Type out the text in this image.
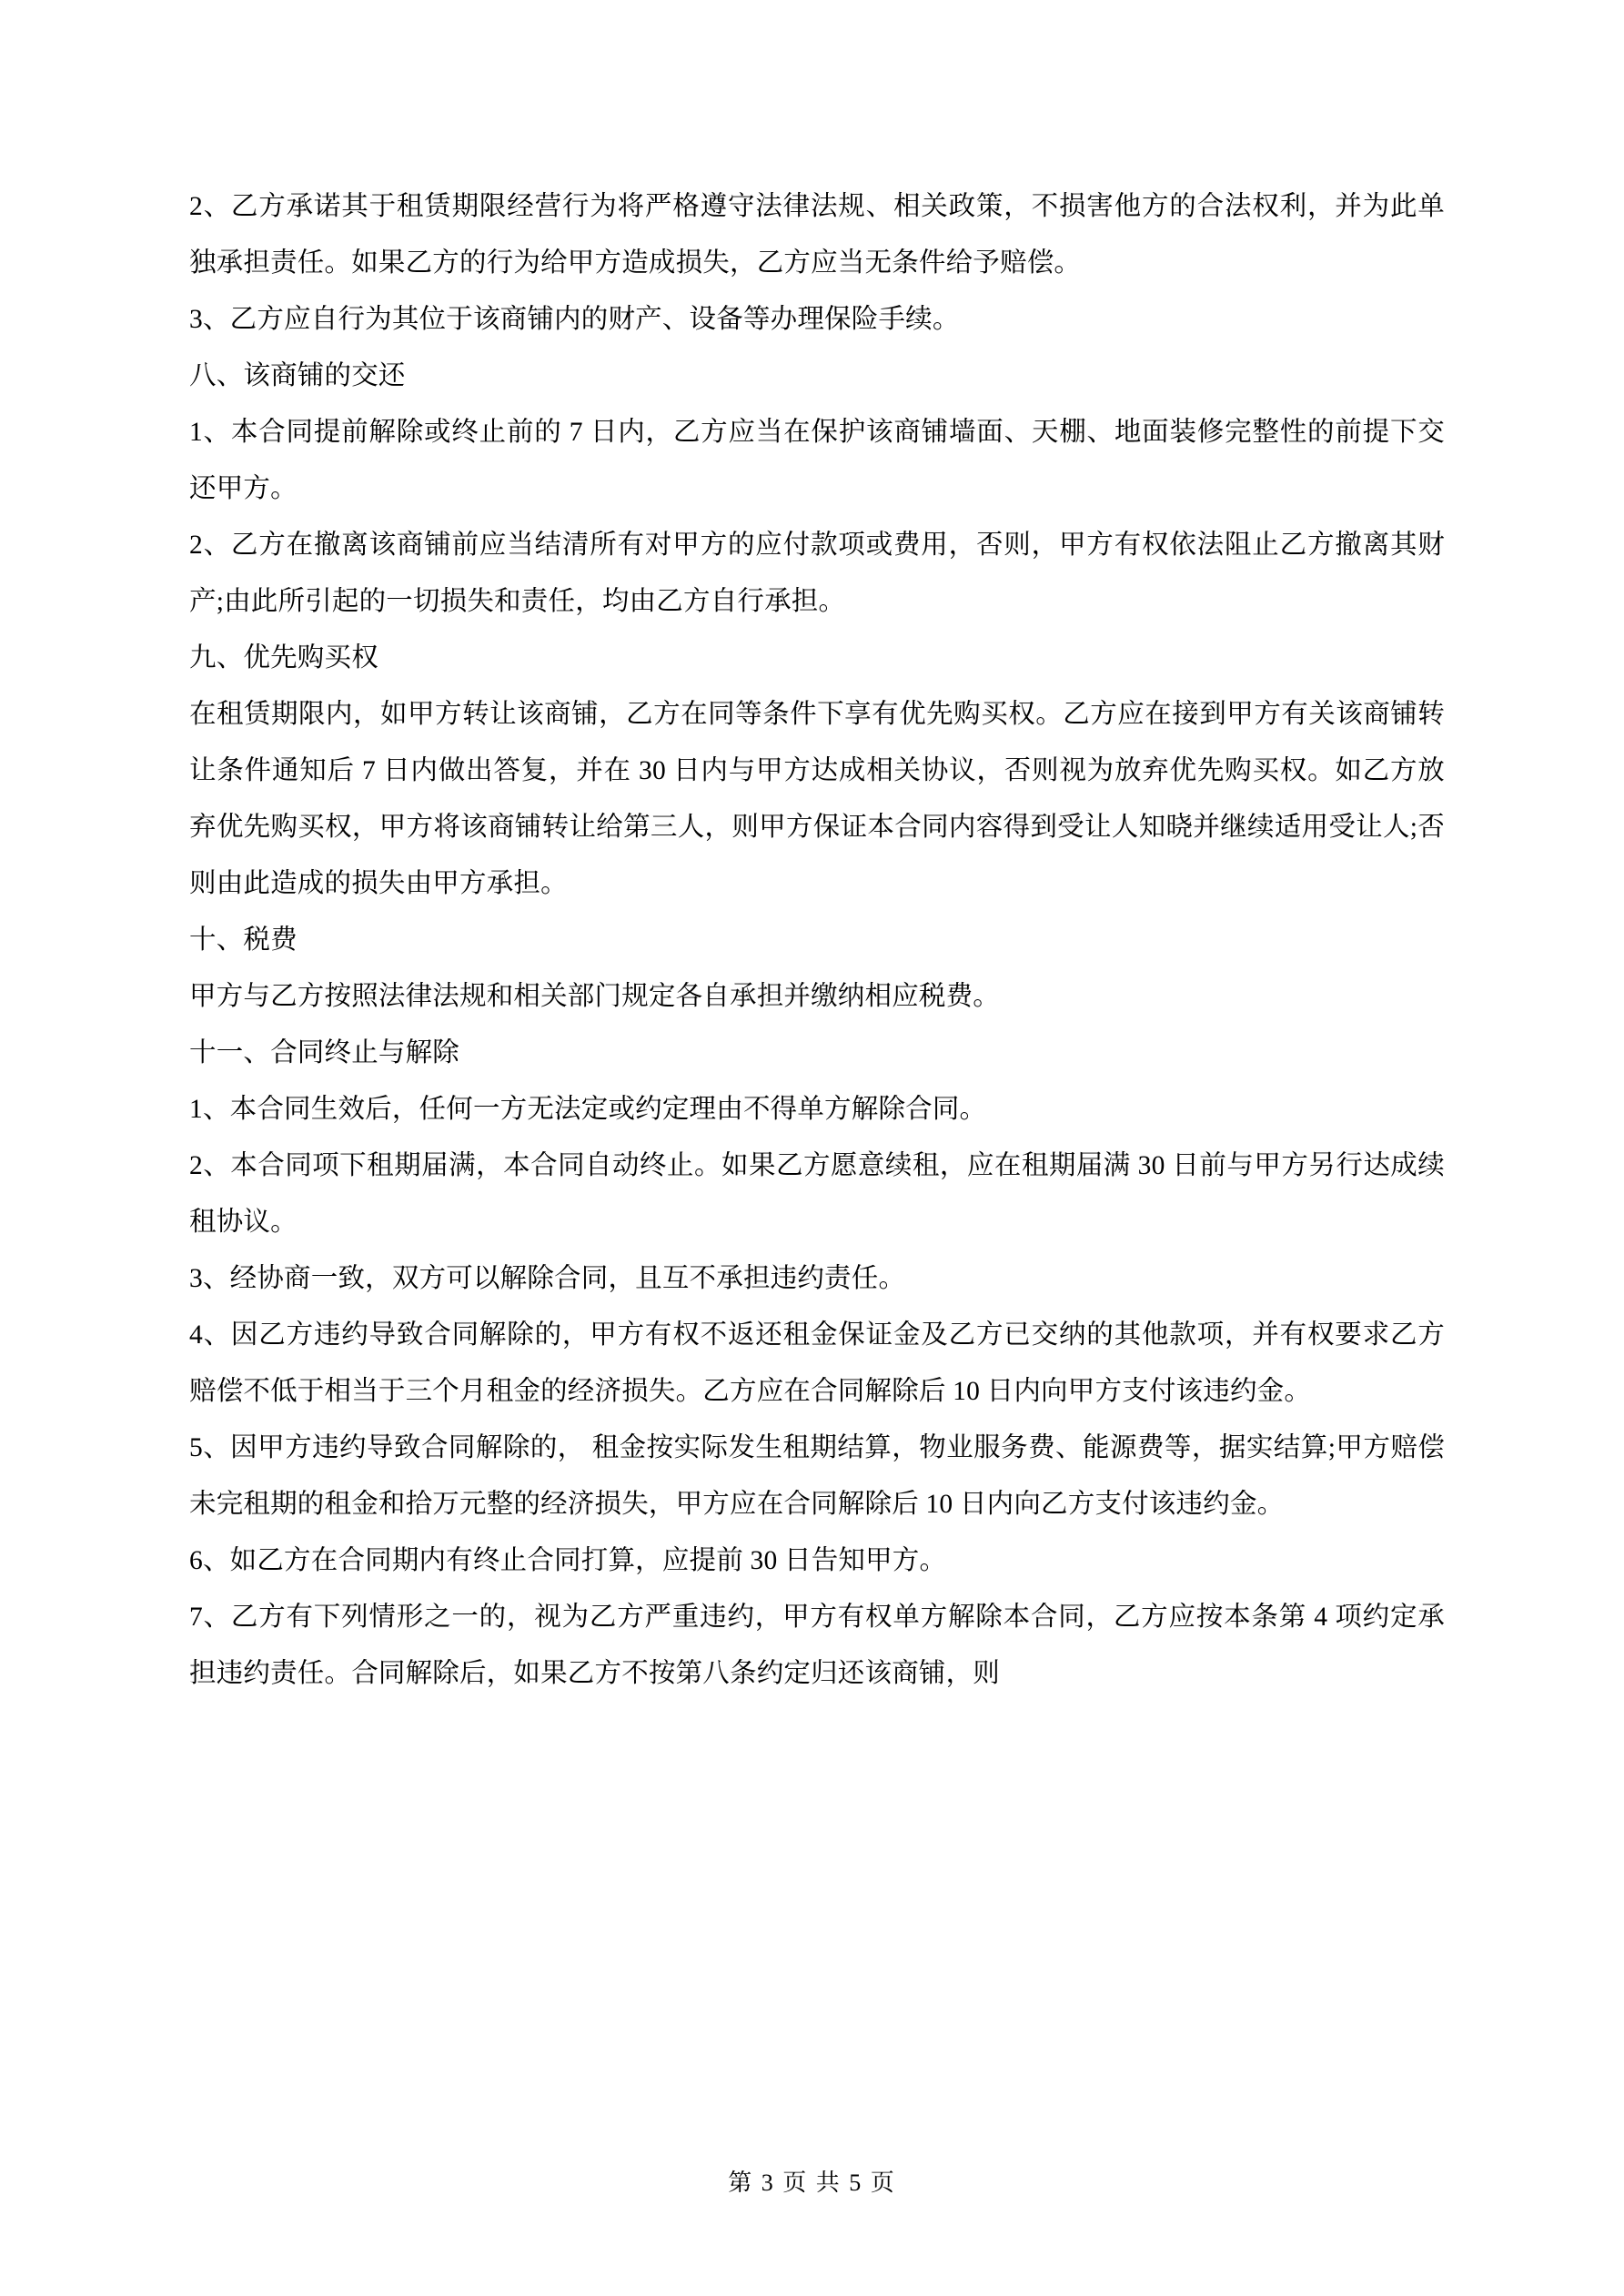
2、乙方承诺其于租赁期限经营行为将严格遵守法律法规、相关政策，不损害他方的合法权利，并为此单独承担责任。如果乙方的行为给甲方造成损失，乙方应当无条件给予赔偿。

3、乙方应自行为其位于该商铺内的财产、设备等办理保险手续。

八、该商铺的交还

1、本合同提前解除或终止前的 7 日内，乙方应当在保护该商铺墙面、天棚、地面装修完整性的前提下交还甲方。

2、乙方在撤离该商铺前应当结清所有对甲方的应付款项或费用，否则，甲方有权依法阻止乙方撤离其财产;由此所引起的一切损失和责任，均由乙方自行承担。

九、优先购买权

在租赁期限内，如甲方转让该商铺，乙方在同等条件下享有优先购买权。乙方应在接到甲方有关该商铺转让条件通知后 7 日内做出答复，并在 30 日内与甲方达成相关协议，否则视为放弃优先购买权。如乙方放弃优先购买权，甲方将该商铺转让给第三人，则甲方保证本合同内容得到受让人知晓并继续适用受让人;否则由此造成的损失由甲方承担。

十、税费

甲方与乙方按照法律法规和相关部门规定各自承担并缴纳相应税费。

十一、合同终止与解除

1、本合同生效后，任何一方无法定或约定理由不得单方解除合同。

2、本合同项下租期届满，本合同自动终止。如果乙方愿意续租，应在租期届满 30 日前与甲方另行达成续租协议。

3、经协商一致，双方可以解除合同，且互不承担违约责任。

4、因乙方违约导致合同解除的，甲方有权不返还租金保证金及乙方已交纳的其他款项，并有权要求乙方赔偿不低于相当于三个月租金的经济损失。乙方应在合同解除后 10 日内向甲方支付该违约金。

5、因甲方违约导致合同解除的， 租金按实际发生租期结算，物业服务费、能源费等，据实结算;甲方赔偿未完租期的租金和拾万元整的经济损失，甲方应在合同解除后 10 日内向乙方支付该违约金。

6、如乙方在合同期内有终止合同打算，应提前 30 日告知甲方。

7、乙方有下列情形之一的，视为乙方严重违约，甲方有权单方解除本合同，乙方应按本条第 4 项约定承担违约责任。合同解除后，如果乙方不按第八条约定归还该商铺，则

第 3 页 共 5 页
